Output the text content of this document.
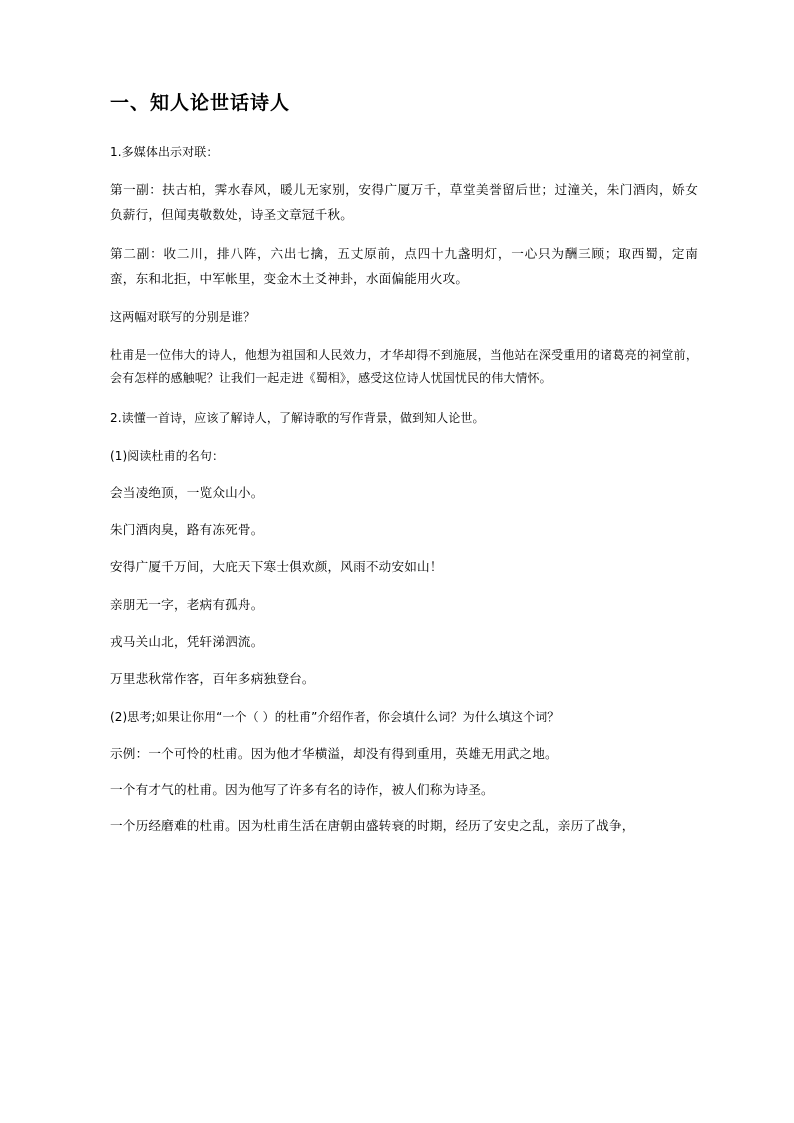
一、知人论世话诗人

1.多媒体出示对联：

第一副：扶古柏，霁水春风，暖儿无家别，安得广厦万千，草堂美誉留后世；过潼关，朱门酒肉，娇女负薪行，但闻夷敬数处，诗圣文章冠千秋。

第二副：收二川，排八阵，六出七擒，五丈原前，点四十九盏明灯，一心只为酬三顾；取西蜀，定南蛮，东和北拒，中军帐里，变金木土爻神卦，水面偏能用火攻。

这两幅对联写的分别是谁？

杜甫是一位伟大的诗人，他想为祖国和人民效力，才华却得不到施展，当他站在深受重用的诸葛亮的祠堂前，会有怎样的感触呢？让我们一起走进《蜀相》，感受这位诗人忧国忧民的伟大情怀。

2.读懂一首诗，应该了解诗人，了解诗歌的写作背景，做到知人论世。

(1)阅读杜甫的名句：

会当凌绝顶，一览众山小。

朱门酒肉臭，路有冻死骨。

安得广厦千万间，大庇天下寒士俱欢颜，风雨不动安如山！

亲朋无一字，老病有孤舟。

戎马关山北，凭轩涕泗流。

万里悲秋常作客，百年多病独登台。

(2)思考;如果让你用“一个（ ）的杜甫”介绍作者，你会填什么词？为什么填这个词？

示例：一个可怜的杜甫。因为他才华横溢，却没有得到重用，英雄无用武之地。

一个有才气的杜甫。因为他写了许多有名的诗作，被人们称为诗圣。

一个历经磨难的杜甫。因为杜甫生活在唐朝由盛转衰的时期，经历了安史之乱，亲历了战争，
